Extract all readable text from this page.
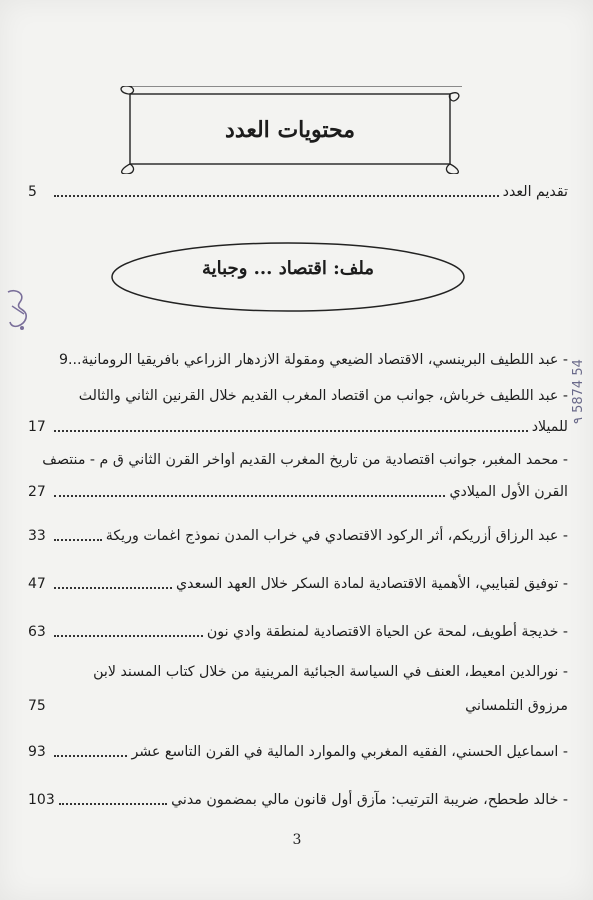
٩ 5874 54
محتويات العدد
تقديم العدد
5
ملف: اقتصاد ... وجباية
- عبد اللطيف البرينسي، الاقتصاد الضيعي ومقولة الازدهار الزراعي بافريقيا الرومانية...9
- عبد اللطيف خرباش، جوانب من اقتصاد المغرب القديم خلال القرنين الثاني والثالث
للميلاد
17
- محمد المغبر، جوانب اقتصادية من تاريخ المغرب القديم أواخر القرن الثاني ق م - منتصف
القرن الأول الميلادي
27
- عبد الرزاق أزريكم، أثر الركود الاقتصادي في خراب المدن نموذج اغمات وريكة
33
- توفيق لقبايبي، الأهمية الاقتصادية لمادة السكر خلال العهد السعدي
47
- خديجة أطويف، لمحة عن الحياة الاقتصادية لمنطقة وادي نون
63
- نورالدين امعيط، العنف في السياسة الجبائية المرينية من خلال كتاب المسند لابن
مرزوق التلمساني
75
- اسماعيل الحسني، الفقيه المغربي والموارد المالية في القرن التاسع عشر
93
- خالد طحطح، ضريبة الترتيب: مآزق أول قانون مالي بمضمون مدني
103
3
